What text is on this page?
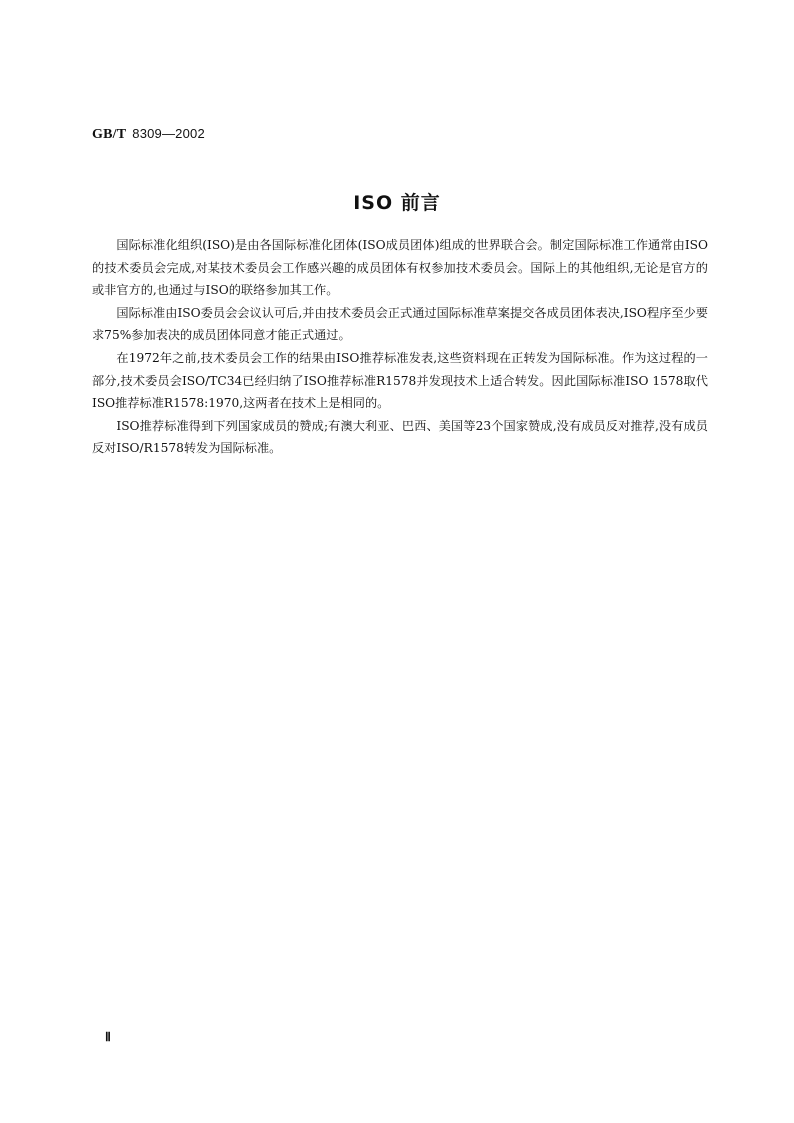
GB/T 8309—2002
ISO 前言

国际标准化组织(ISO)是由各国际标准化团体(ISO成员团体)组成的世界联合会。制定国际标准工作通常由ISO的技术委员会完成,对某技术委员会工作感兴趣的成员团体有权参加技术委员会。国际上的其他组织,无论是官方的或非官方的,也通过与ISO的联络参加其工作。

国际标准由ISO委员会会议认可后,并由技术委员会正式通过国际标准草案提交各成员团体表决,ISO程序至少要求75%参加表决的成员团体同意才能正式通过。

在1972年之前,技术委员会工作的结果由ISO推荐标准发表,这些资料现在正转发为国际标准。作为这过程的一部分,技术委员会ISO/TC34已经归纳了ISO推荐标准R1578并发现技术上适合转发。因此国际标准ISO 1578取代ISO推荐标准R1578:1970,这两者在技术上是相同的。

ISO推荐标准得到下列国家成员的赞成;有澳大利亚、巴西、美国等23个国家赞成,没有成员反对推荐,没有成员反对ISO/R1578转发为国际标准。

Ⅱ
